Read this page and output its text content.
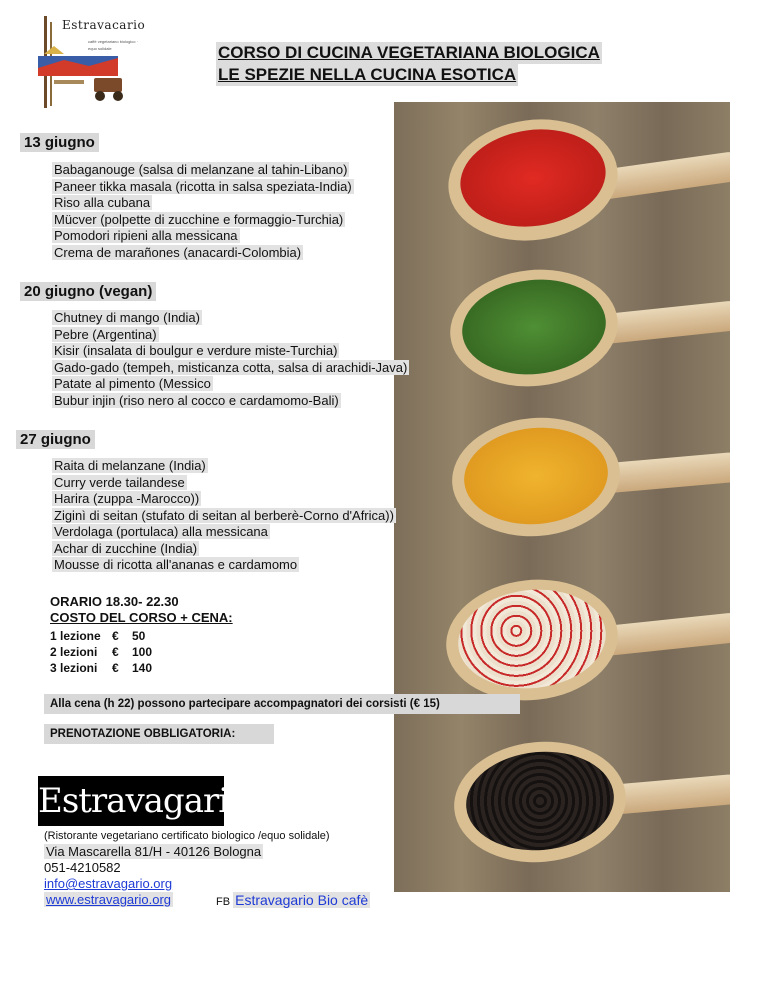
Estravacario
caffè vegetariano biologico · equo solidale	CORSO DI CUCINA VEGETARIANA BIOLOGICA
LE SPEZIE NELLA CUCINA ESOTICA
13 giugno
Babaganouge (salsa di melanzane al tahin-Libano)
Paneer tikka masala (ricotta in salsa speziata-India)
Riso alla cubana
Mücver (polpette di zucchine e formaggio-Turchia)
Pomodori ripieni alla messicana
Crema de marañones (anacardi-Colombia)
20 giugno (vegan)
Chutney di mango (India)
Pebre (Argentina)
Kisir (insalata di boulgur e verdure miste-Turchia)
Gado-gado (tempeh, misticanza cotta, salsa di arachidi-Java)
Patate al pimento (Messico
Bubur injin (riso nero al cocco e cardamomo-Bali)
27 giugno
Raita di melanzane (India)
Curry verde tailandese
Harira (zuppa -Marocco))
Ziginì di seitan (stufato di seitan al berberè-Corno d'Africa))
Verdolaga (portulaca) alla messicana
Achar di zucchine (India)
Mousse di ricotta all'ananas e cardamomo
ORARIO 18.30- 22.30
COSTO DEL CORSO + CENA:
1 lezione €	50
2 lezioni	€	100
3 lezioni	€	140
Alla cena (h 22) possono partecipare accompagnatori dei corsisti (€ 15)
PRENOTAZIONE OBBLIGATORIA:
Estravagario
(Ristorante vegetariano certificato biologico /equo solidale)
Via Mascarella 81/H - 40126 Bologna
051-4210582
info@estravagario.org
www.estravagario.org	FB Estravagario Bio cafè
